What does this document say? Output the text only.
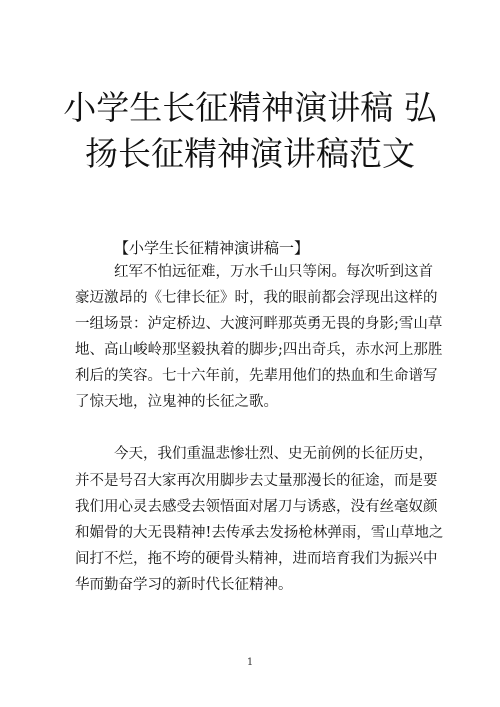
小学生长征精神演讲稿 弘
扬长征精神演讲稿范文
【小学生长征精神演讲稿一】
红军不怕远征难，万水千山只等闲。每次听到这首
豪迈激昂的《七律长征》时，我的眼前都会浮现出这样的
一组场景：泸定桥边、大渡河畔那英勇无畏的身影;雪山草
地、高山峻岭那坚毅执着的脚步;四出奇兵，赤水河上那胜
利后的笑容。七十六年前，先辈用他们的热血和生命谱写
了惊天地，泣鬼神的长征之歌。
今天，我们重温悲惨壮烈、史无前例的长征历史，
并不是号召大家再次用脚步去丈量那漫长的征途，而是要
我们用心灵去感受去领悟面对屠刀与诱惑，没有丝毫奴颜
和媚骨的大无畏精神!去传承去发扬枪林弹雨，雪山草地之
间打不烂，拖不垮的硬骨头精神，进而培育我们为振兴中
华而勤奋学习的新时代长征精神。
1
